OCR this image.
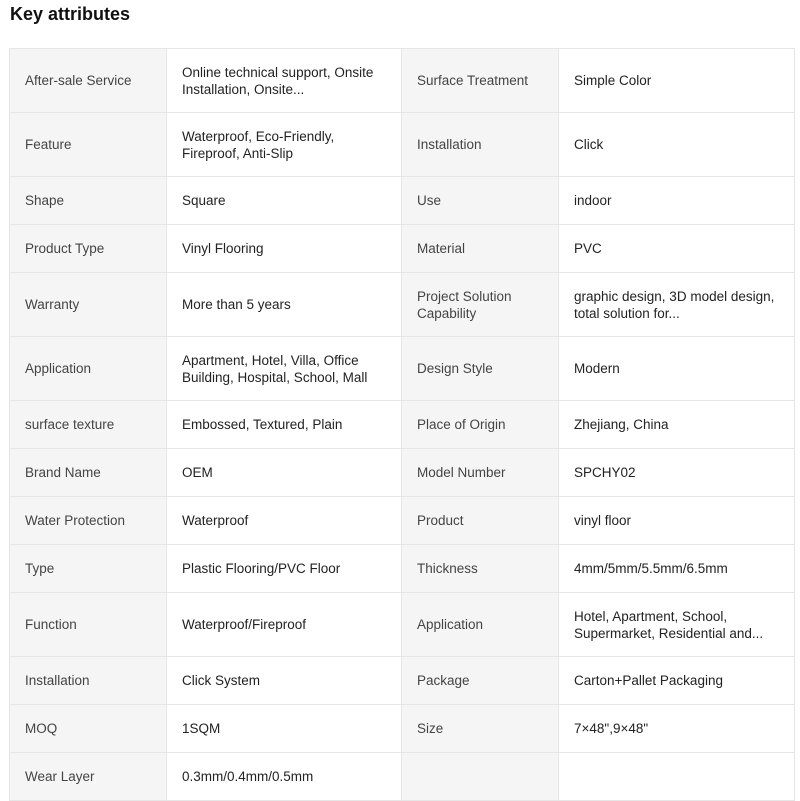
Key attributes
After-sale Service	Online technical support, Onsite Installation, Onsite...	Surface Treatment	Simple Color

Feature	Waterproof, Eco-Friendly, Fireproof, Anti-Slip	Installation	Click

Shape	Square	Use	indoor

Product Type	Vinyl Flooring	Material	PVC

Warranty	More than 5 years	Project Solution Capability	graphic design, 3D model design, total solution for...

Application	Apartment, Hotel, Villa, Office Building, Hospital, School, Mall	Design Style	Modern

surface texture	Embossed, Textured, Plain	Place of Origin	Zhejiang, China

Brand Name	OEM	Model Number	SPCHY02

Water Protection	Waterproof	Product	vinyl floor

Type	Plastic Flooring/PVC Floor	Thickness	4mm/5mm/5.5mm/6.5mm

Function	Waterproof/Fireproof	Application	Hotel, Apartment, School, Supermarket, Residential and...

Installation	Click System	Package	Carton+Pallet Packaging

MOQ	1SQM	Size	7×48",9×48"

Wear Layer	0.3mm/0.4mm/0.5mm		
